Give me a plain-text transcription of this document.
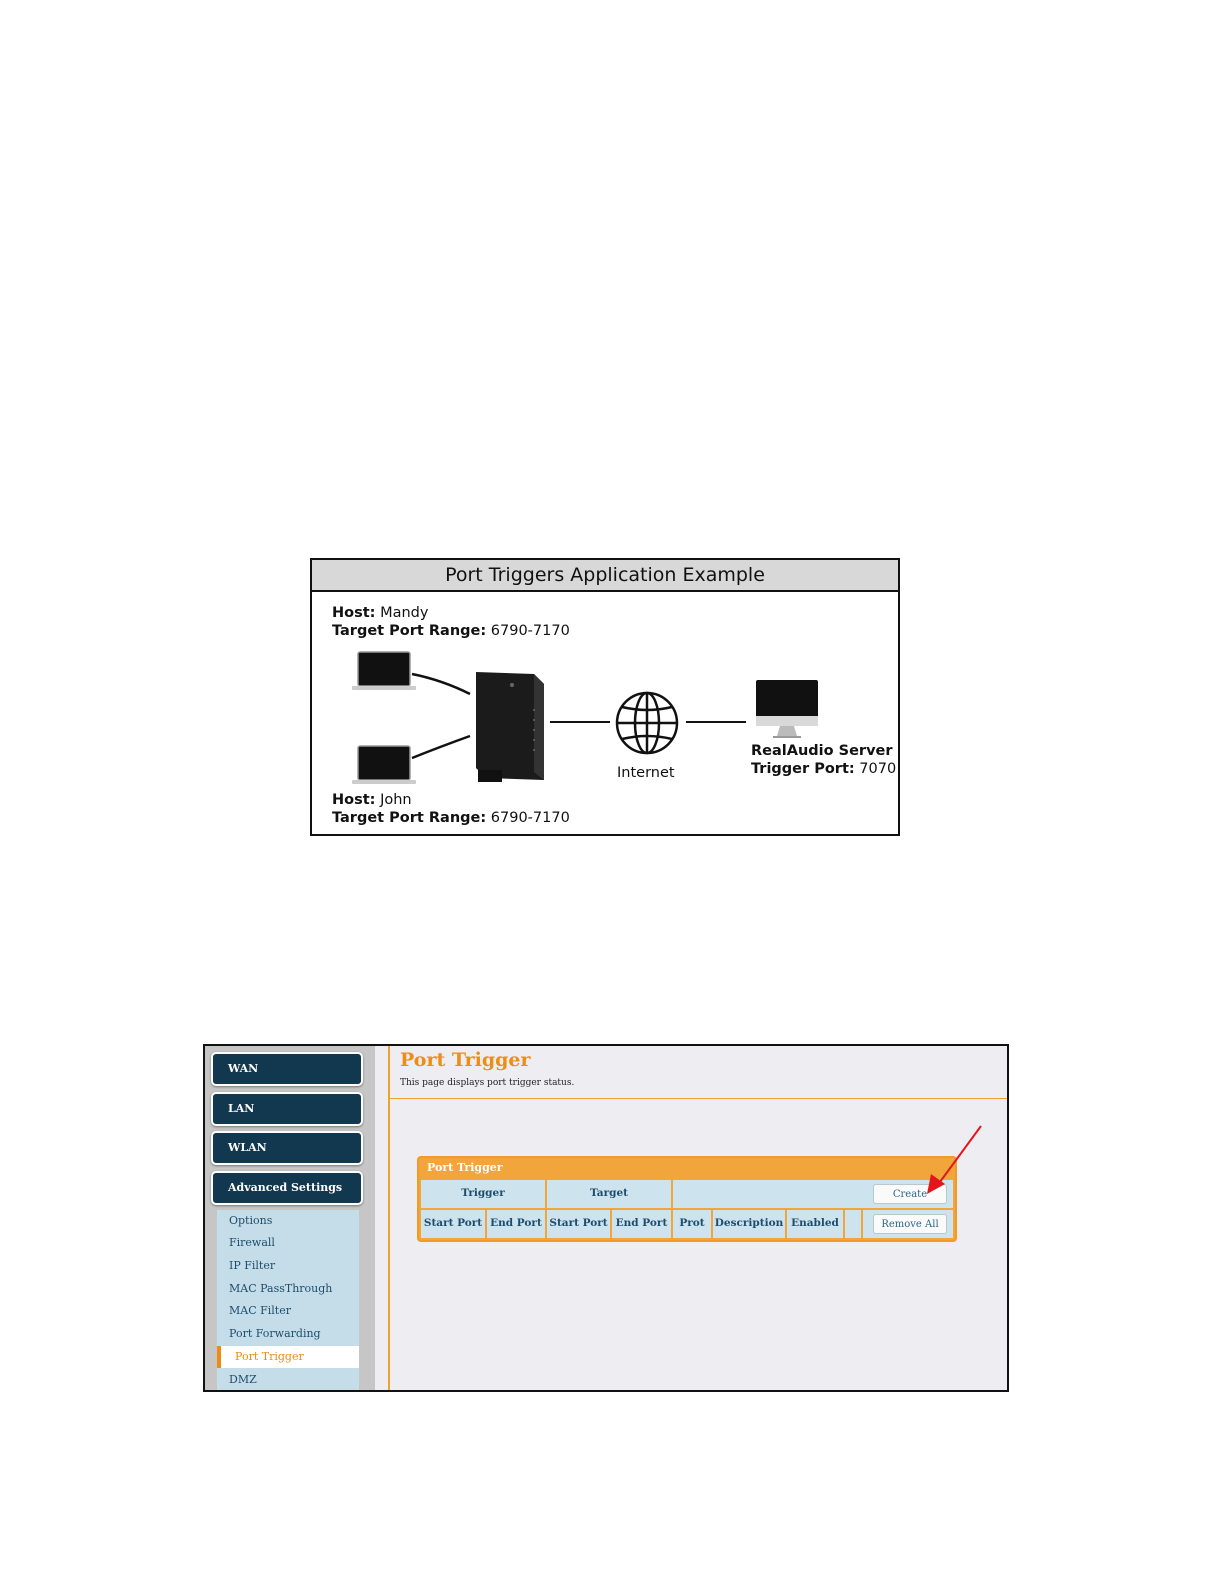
Port Triggers Application Example
Host: Mandy
Target Port Range: 6790-7170
Host: John
Target Port Range: 6790-7170
Internet
RealAudio Server
Trigger Port: 7070
WAN
LAN
WLAN
Advanced Settings
Options
Firewall
IP Filter
MAC PassThrough
MAC Filter
Port Forwarding
Port Trigger
DMZ
Port Trigger
This page displays port trigger status.
Port Trigger
Trigger	Target
Start Port End Port Start Port End Port	Prot Description Enabled
Create
Remove All
